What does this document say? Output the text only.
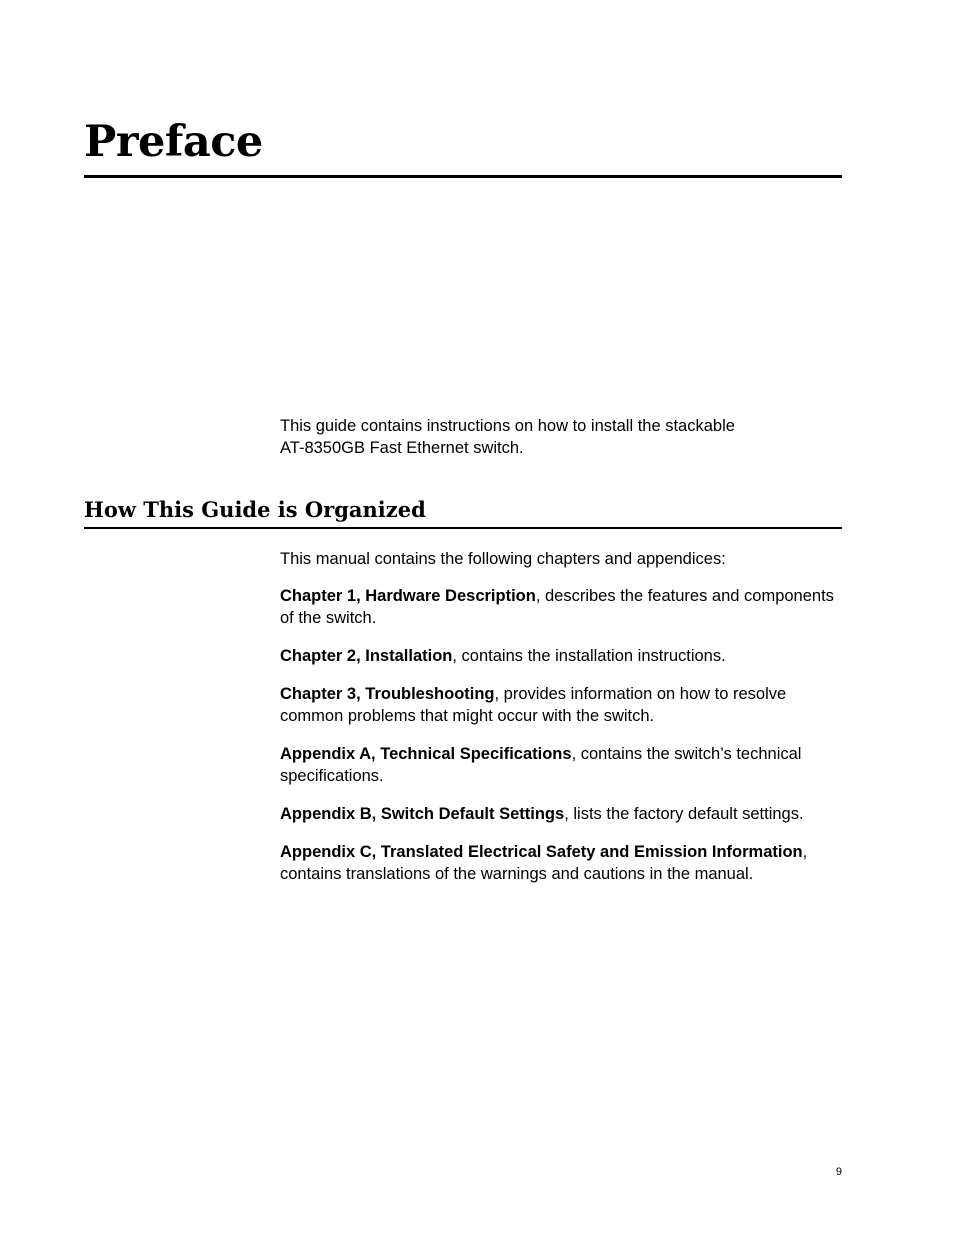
Preface

This guide contains instructions on how to install the stackable
AT-8350GB Fast Ethernet switch.

How This Guide is Organized

This manual contains the following chapters and appendices:

Chapter 1, Hardware Description, describes the features and components of the switch.

Chapter 2, Installation, contains the installation instructions.

Chapter 3, Troubleshooting, provides information on how to resolve common problems that might occur with the switch.

Appendix A, Technical Specifications, contains the switch’s technical specifications.

Appendix B, Switch Default Settings, lists the factory default settings.

Appendix C, Translated Electrical Safety and Emission Information, contains translations of the warnings and cautions in the manual.

9
